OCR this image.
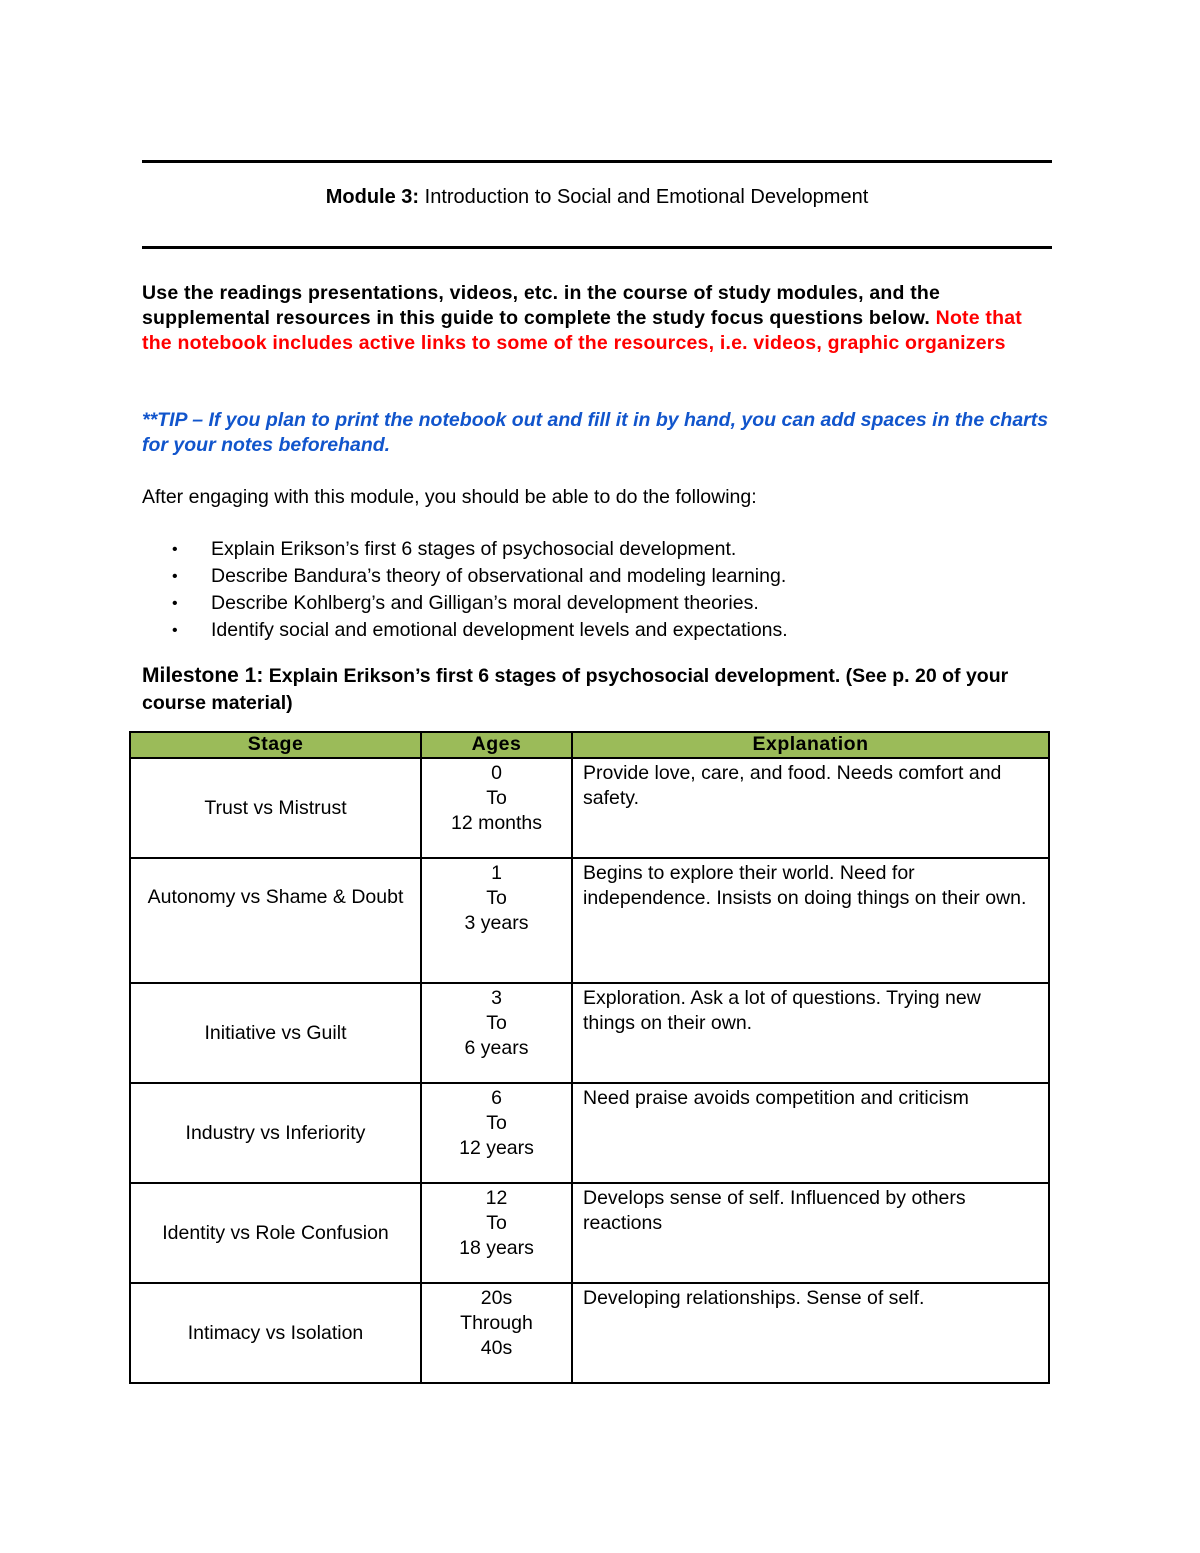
Module 3: Introduction to Social and Emotional Development
Use the readings presentations, videos, etc. in the course of study modules, and the supplemental resources in this guide to complete the study focus questions below. Note that the notebook includes active links to some of the resources, i.e. videos, graphic organizers
**TIP – If you plan to print the notebook out and fill it in by hand, you can add spaces in the charts for your notes beforehand.
After engaging with this module, you should be able to do the following:
• Explain Erikson’s first 6 stages of psychosocial development.
• Describe Bandura’s theory of observational and modeling learning.
• Describe Kohlberg’s and Gilligan’s moral development theories.
• Identify social and emotional development levels and expectations.
Milestone 1: Explain Erikson’s first 6 stages of psychosocial development. (See p. 20 of your course material)
Stage	Ages	Explanation
Trust vs Mistrust	0
To
12 months	Provide love, care, and food. Needs comfort and safety.
Autonomy vs Shame & Doubt	1
To
3 years	Begins to explore their world. Need for independence. Insists on doing things on their own.
Initiative vs Guilt	3
To
6 years	Exploration. Ask a lot of questions. Trying new things on their own.
Industry vs Inferiority	6
To
12 years	Need praise avoids competition and criticism
Identity vs Role Confusion	12
To
18 years	Develops sense of self. Influenced by others reactions
Intimacy vs Isolation	20s
Through
40s	Developing relationships. Sense of self.
